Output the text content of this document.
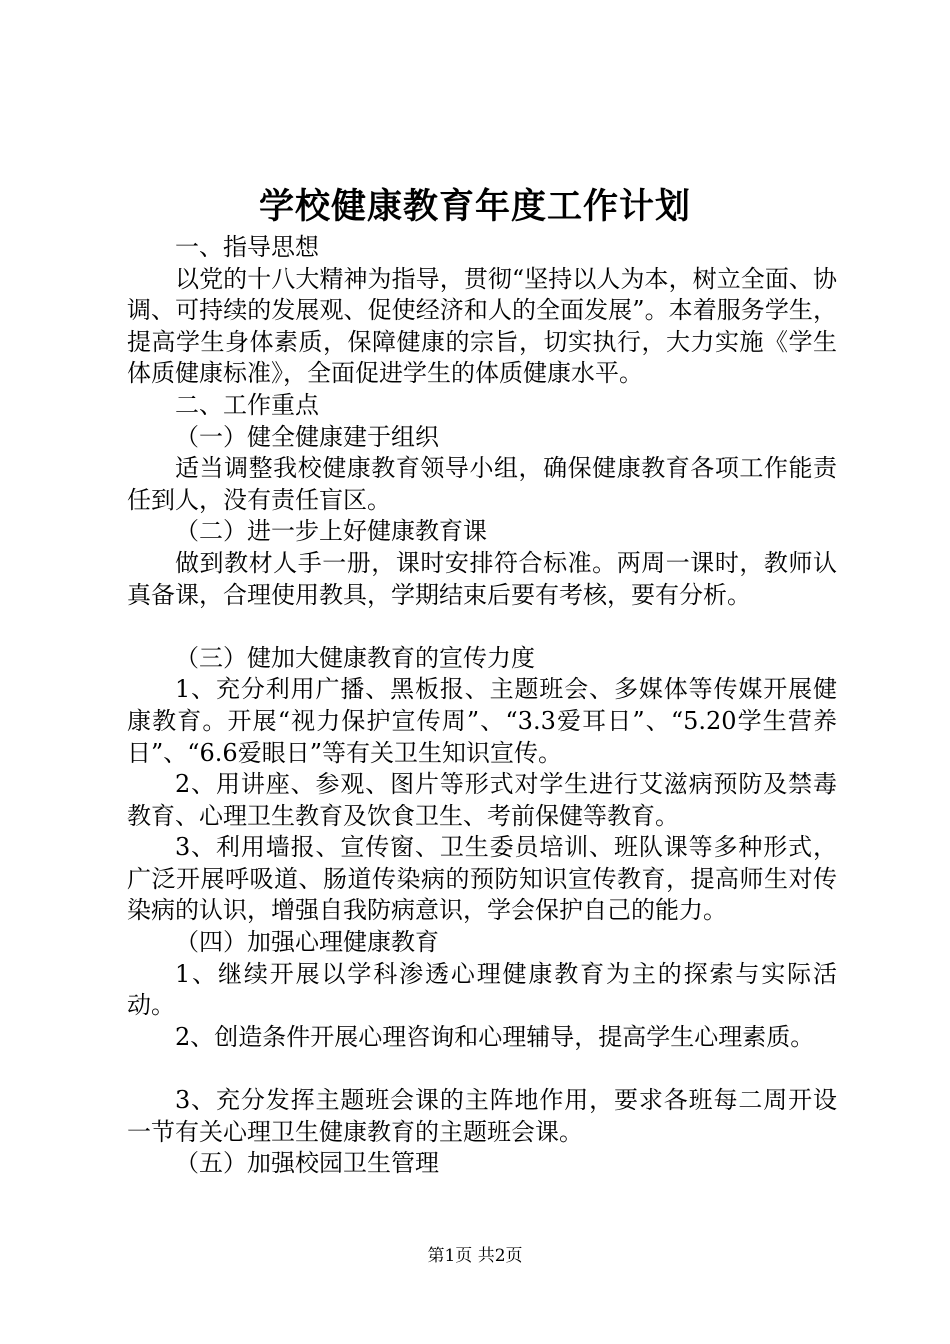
学校健康教育年度工作计划

一、指导思想

以党的十八大精神为指导，贯彻“坚持以人为本，树立全面、协调、可持续的发展观、促使经济和人的全面发展”。本着服务学生，提高学生身体素质，保障健康的宗旨，切实执行，大力实施《学生体质健康标准》，全面促进学生的体质健康水平。

二、工作重点

（一）健全健康建于组织

适当调整我校健康教育领导小组，确保健康教育各项工作能责任到人，没有责任盲区。

（二）进一步上好健康教育课

做到教材人手一册，课时安排符合标准。两周一课时，教师认真备课，合理使用教具，学期结束后要有考核，要有分析。

（三）健加大健康教育的宣传力度

1、充分利用广播、黑板报、主题班会、多媒体等传媒开展健康教育。开展“视力保护宣传周”、“3.3爱耳日”、“5.20学生营养日”、“6.6爱眼日”等有关卫生知识宣传。

2、用讲座、参观、图片等形式对学生进行艾滋病预防及禁毒教育、心理卫生教育及饮食卫生、考前保健等教育。

3、利用墙报、宣传窗、卫生委员培训、班队课等多种形式，广泛开展呼吸道、肠道传染病的预防知识宣传教育，提高师生对传染病的认识，增强自我防病意识，学会保护自己的能力。

（四）加强心理健康教育

1、继续开展以学科渗透心理健康教育为主的探索与实际活动。

2、创造条件开展心理咨询和心理辅导，提高学生心理素质。

3、充分发挥主题班会课的主阵地作用，要求各班每二周开设一节有关心理卫生健康教育的主题班会课。

（五）加强校园卫生管理

第1页 共2页
